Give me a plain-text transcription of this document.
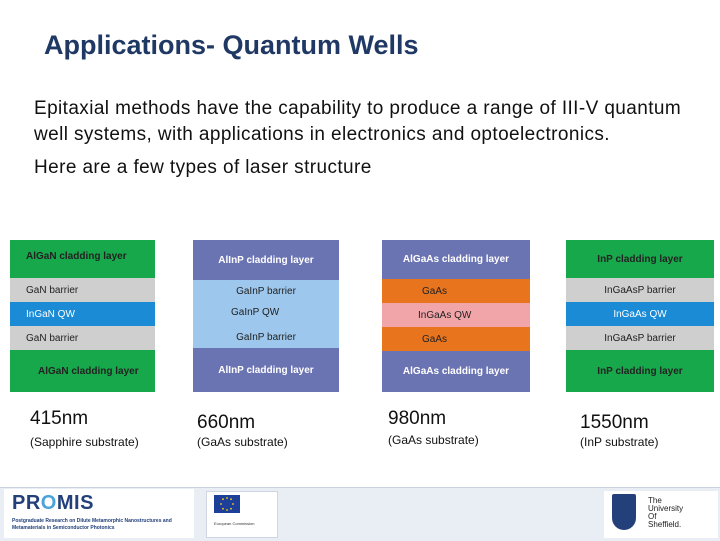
Applications- Quantum Wells

Epitaxial methods have the capability to produce a range of III-V quantum well systems, with applications in electronics and optoelectronics.

Here are a few types of laser structure

AlGaN cladding layer
GaN barrier
InGaN QW
GaN barrier
AlGaN cladding layer
415nm
(Sapphire substrate)
AlInP cladding layer
GaInP barrier
GaInP QW
GaInP barrier
AlInP cladding layer
660nm
(GaAs substrate)
AlGaAs cladding layer
GaAs
InGaAs QW
GaAs
AlGaAs cladding layer
980nm
(GaAs substrate)
InP cladding layer
InGaAsP barrier
InGaAs QW
InGaAsP barrier
InP cladding layer
1550nm
(InP substrate)
PROMIS
Postgraduate Research on Dilute Metamorphic Nanostructures and Metamaterials in Semiconductor Photonics
European Commission
The
University
Of
Sheffield.
